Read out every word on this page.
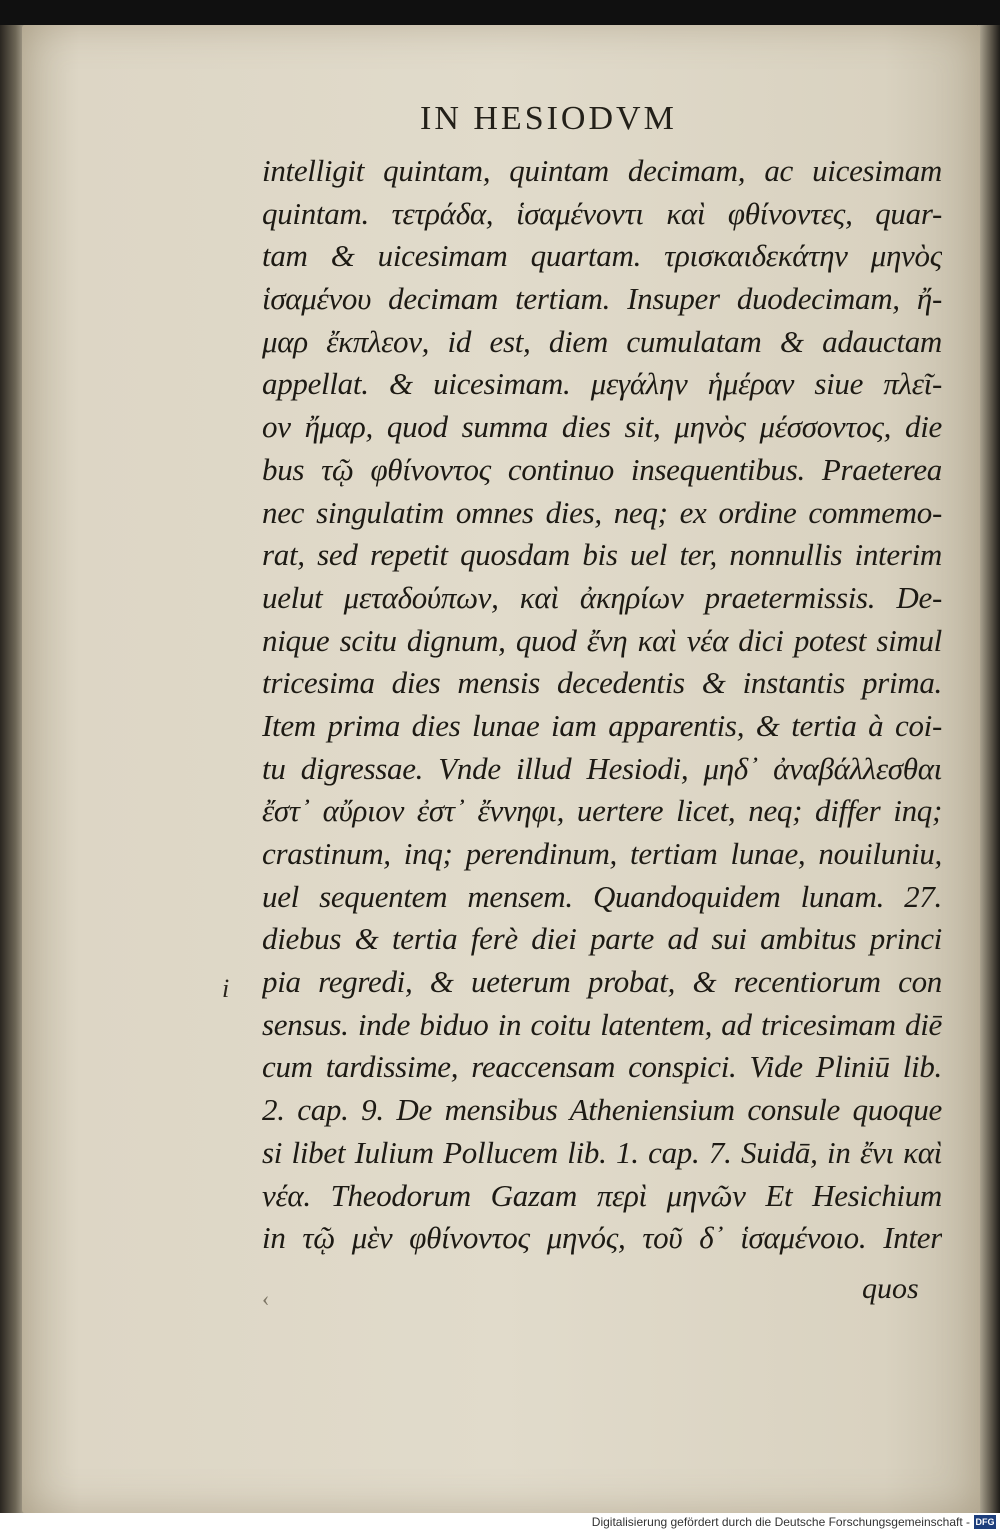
IN HESIODVM
intelligit quintam, quintam decimam, ac uicesimam
quintam. τετράδα, ἱσαμένοντι καὶ φθίνοντες, quar-
tam & uicesimam quartam. τρισκαιδεκάτην μηνὸς
ἱσαμένου decimam tertiam. Insuper duodecimam, ἤ-
μαρ ἔκπλεον, id est, diem cumulatam & adauctam
appellat. & uicesimam. μεγάλην ἡμέραν siue πλεῖ-
ον ἤμαρ, quod summa dies sit, μηνὸς μέσσοντος, die
bus τῷ φθίνοντος continuo insequentibus. Praeterea
nec singulatim omnes dies, neq; ex ordine commemo-
rat, sed repetit quosdam bis uel ter, nonnullis interim
uelut μεταδούπων, καὶ ἀκηρίων praetermissis. De-
nique scitu dignum, quod ἔνη καὶ νέα dici potest simul
tricesima dies mensis decedentis & instantis prima.
Item prima dies lunae iam apparentis, & tertia à coi-
tu digressae. Vnde illud Hesiodi, μηδ᾽ ἀναβάλλεσθαι
ἔστ᾽ αὔριον ἐστ᾽ ἔννηφι, uertere licet, neq; differ inq;
crastinum, inq; perendinum, tertiam lunae, nouiluniu,
uel sequentem mensem. Quandoquidem lunam. 27.
diebus & tertia ferè diei parte ad sui ambitus princi
pia regredi, & ueterum probat, & recentiorum con
sensus. inde biduo in coitu latentem, ad tricesimam diē
cum tardissime, reaccensam conspici. Vide Pliniū lib.
2. cap. 9. De mensibus Atheniensium consule quoque
si libet Iulium Pollucem lib. 1. cap. 7. Suidā, in ἔνι καὶ
νέα. Theodorum Gazam περὶ μηνῶν Et Hesichium
in τῷ μὲν φθίνοντος μηνός, τοῦ δ᾽ ἱσαμένοιο. Inter
i
‹	quos
Digitalisierung gefördert durch die Deutsche Forschungsgemeinschaft - DFG
